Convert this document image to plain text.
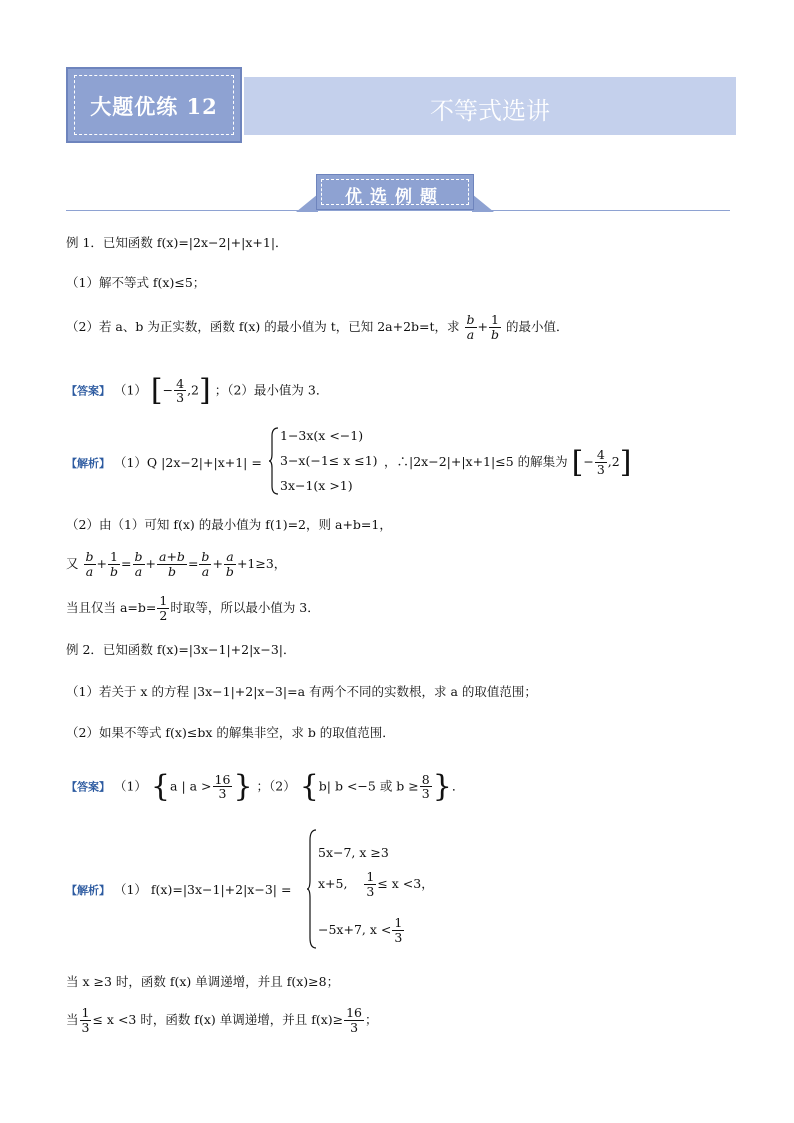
大题优练 12	不等式选讲
优选例题
例 1．已知函数 f(x)=|2x−2|+|x+1|．
（1）解不等式 f(x)≤5；
（2）若 a、b 为正实数，函数 f(x) 的最小值为 t，已知 2a+2b=t，求 $\frac{b}{a} + \frac{1}{b}$ 的最小值．
【答案】 （1） [− $\frac{4}{3} ,2$] ；（2）最小值为 3．
【解析】 （1）Q |2x−2|+|x+1| =
1−3x(x <−1)
3−x(−1≤ x ≤1)
3x−1(x >1)
，∴|2x−2|+|x+1|≤5 的解集为 [− $\frac{4}{3} ,2$]
（2）由（1）可知 f(x) 的最小值为 f(1)=2，则 a+b=1，
又 $\frac{b}{a} + \frac{1}{b} = \frac{b}{a} + \frac{a+b}{b} = \frac{b}{a} + \frac{a}{b} +1\ge 3$，
当且仅当 $a=b= \frac{1}{2}$ 时取等，所以最小值为 3．
例 2．已知函数 f(x)=|3x−1|+2|x−3|．
（1）若关于 x 的方程 |3x−1|+2|x−3|=a 有两个不同的实数根，求 a 的取值范围；
（2）如果不等式 f(x)≤bx 的解集非空，求 b 的取值范围．
【答案】 （1） {a | $a > \frac{16}{3}$ } ；（2） {b| b <−5 或 $b \ge \frac{8}{3}$ }．
【解析】 （1） f(x)=|3x−1|+2|x−3| =
5x−7, x ≥3
x+5, $\frac{1}{3} \le x <3$，
−5x+7, $x < \frac{1}{3}$
当 x ≥3 时，函数 f(x) 单调递增，并且 f(x)≥8；
当 $\frac{1}{3} \le x <3$ 时，函数 f(x) 单调递增，并且 $f(x)\ge \frac{16}{3}$ ；
